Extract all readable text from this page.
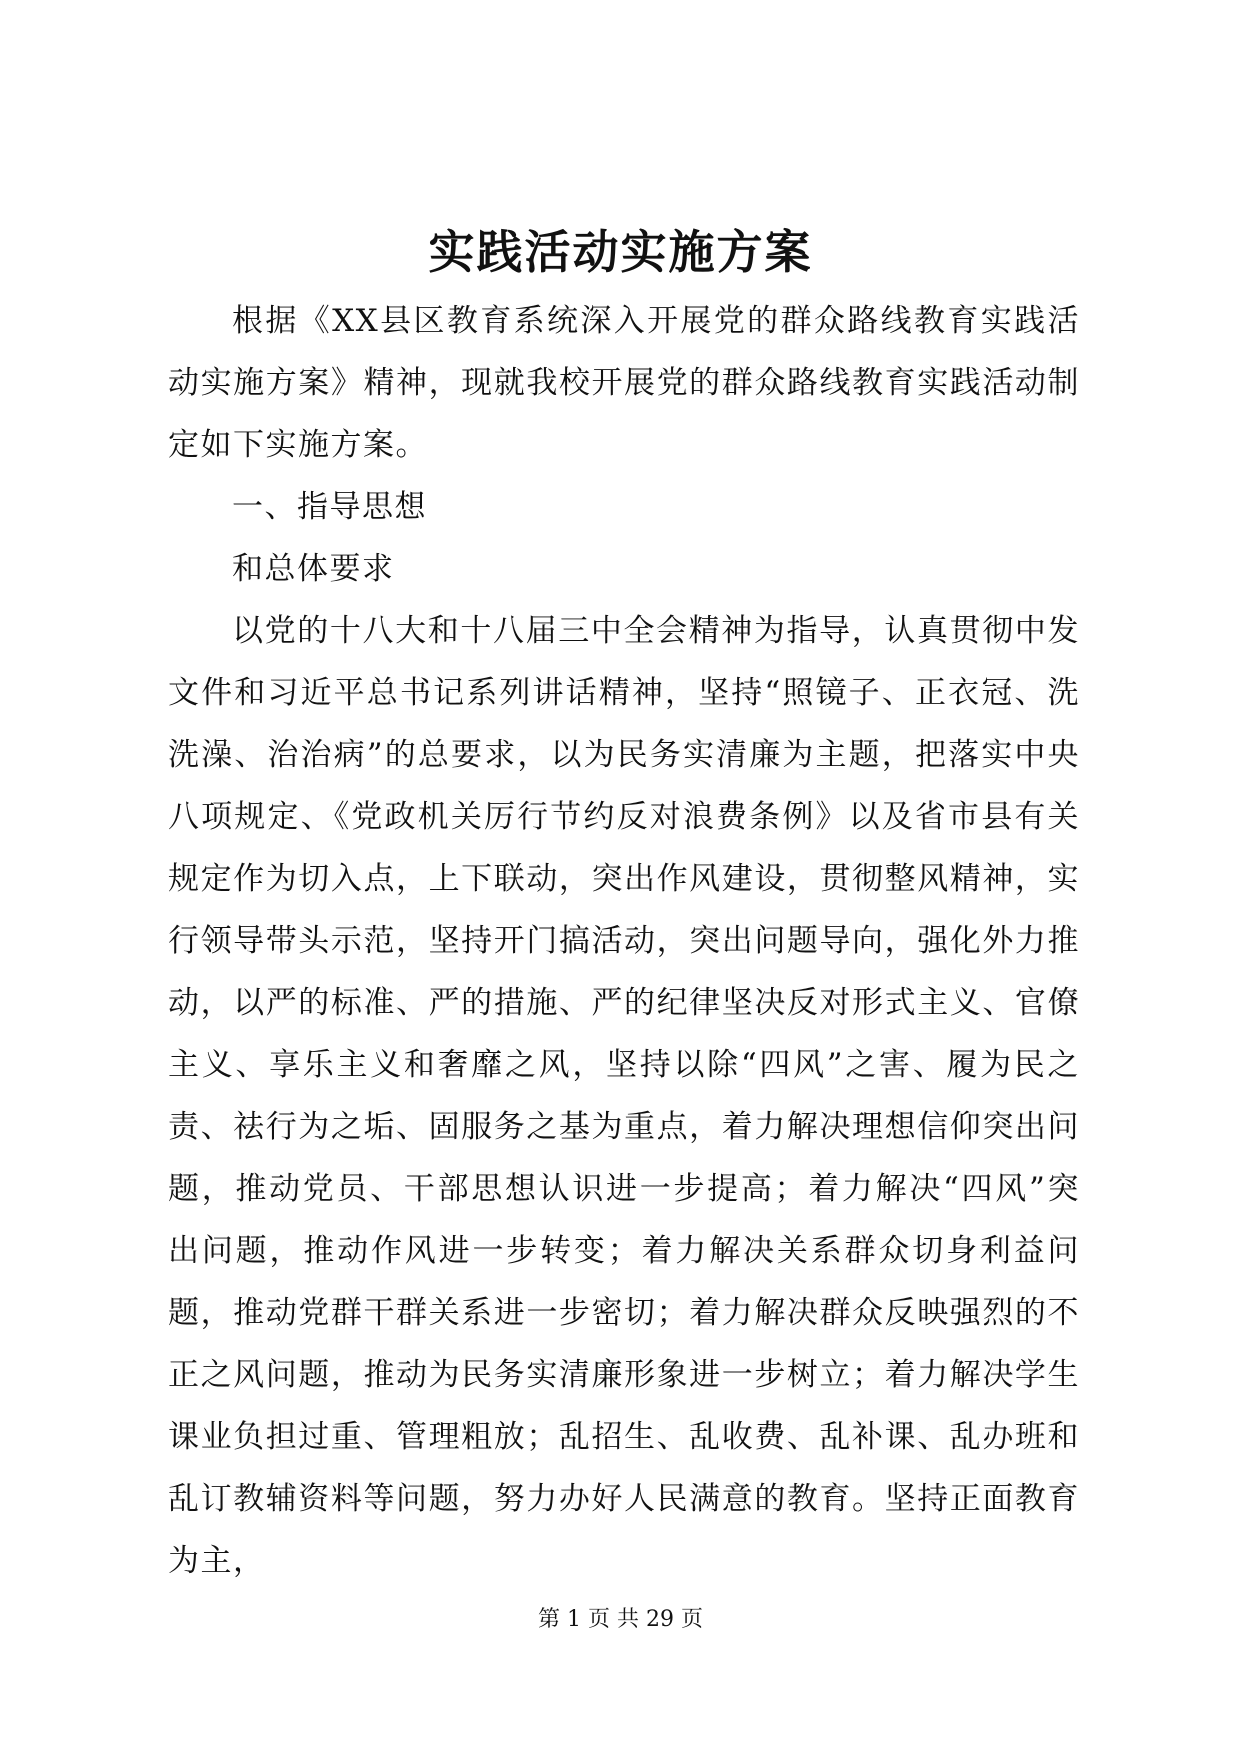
实践活动实施方案

根据《XX县区教育系统深入开展党的群众路线教育实践活动实施方案》精神，现就我校开展党的群众路线教育实践活动制定如下实施方案。

一、指导思想

和总体要求

以党的十八大和十八届三中全会精神为指导，认真贯彻中发文件和习近平总书记系列讲话精神，坚持“照镜子、正衣冠、洗洗澡、治治病”的总要求，以为民务实清廉为主题，把落实中央八项规定、《党政机关厉行节约反对浪费条例》以及省市县有关规定作为切入点，上下联动，突出作风建设，贯彻整风精神，实行领导带头示范，坚持开门搞活动，突出问题导向，强化外力推动，以严的标准、严的措施、严的纪律坚决反对形式主义、官僚主义、享乐主义和奢靡之风，坚持以除“四风”之害、履为民之责、祛行为之垢、固服务之基为重点，着力解决理想信仰突出问题，推动党员、干部思想认识进一步提高；着力解决“四风”突出问题，推动作风进一步转变；着力解决关系群众切身利益问题，推动党群干群关系进一步密切；着力解决群众反映强烈的不正之风问题，推动为民务实清廉形象进一步树立；着力解决学生课业负担过重、管理粗放；乱招生、乱收费、乱补课、乱办班和乱订教辅资料等问题，努力办好人民满意的教育。坚持正面教育为主，

第 1 页 共 29 页
